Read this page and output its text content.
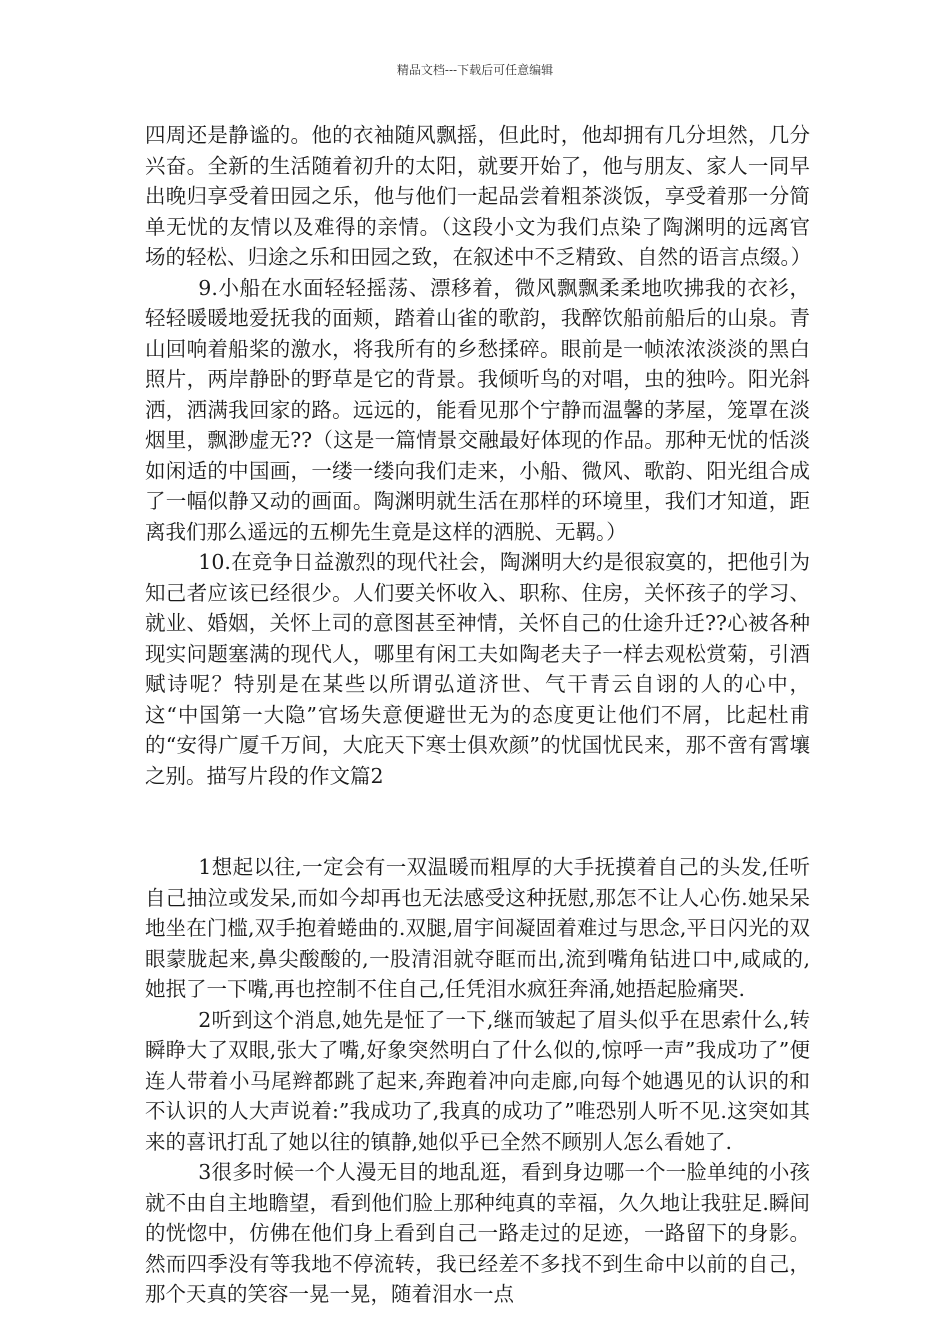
精品文档---下载后可任意编辑

四周还是静谧的。他的衣袖随风飘摇，但此时，他却拥有几分坦然，几分兴奋。全新的生活随着初升的太阳，就要开始了，他与朋友、家人一同早出晚归享受着田园之乐，他与他们一起品尝着粗茶淡饭，享受着那一分简单无忧的友情以及难得的亲情。（这段小文为我们点染了陶渊明的远离官场的轻松、归途之乐和田园之致，在叙述中不乏精致、自然的语言点缀。）

9.小船在水面轻轻摇荡、漂移着，微风飘飘柔柔地吹拂我的衣衫，轻轻暖暖地爱抚我的面颊，踏着山雀的歌韵，我醉饮船前船后的山泉。青山回响着船桨的激水，将我所有的乡愁揉碎。眼前是一帧浓浓淡淡的黑白照片，两岸静卧的野草是它的背景。我倾听鸟的对唱，虫的独吟。阳光斜洒，洒满我回家的路。远远的，能看见那个宁静而温馨的茅屋，笼罩在淡烟里，飘渺虚无??（这是一篇情景交融最好体现的作品。那种无忧的恬淡如闲适的中国画，一缕一缕向我们走来，小船、微风、歌韵、阳光组合成了一幅似静又动的画面。陶渊明就生活在那样的环境里，我们才知道，距离我们那么遥远的五柳先生竟是这样的洒脱、无羁。）

10.在竞争日益激烈的现代社会，陶渊明大约是很寂寞的，把他引为知己者应该已经很少。人们要关怀收入、职称、住房，关怀孩子的学习、就业、婚姻，关怀上司的意图甚至神情，关怀自己的仕途升迁??心被各种现实问题塞满的现代人，哪里有闲工夫如陶老夫子一样去观松赏菊，引酒赋诗呢？特别是在某些以所谓弘道济世、气干青云自诩的人的心中，这“中国第一大隐”官场失意便避世无为的态度更让他们不屑，比起杜甫的“安得广厦千万间，大庇天下寒士俱欢颜”的忧国忧民来，那不啻有霄壤之别。描写片段的作文篇2

1想起以往,一定会有一双温暖而粗厚的大手抚摸着自己的头发,任听自己抽泣或发呆,而如今却再也无法感受这种抚慰,那怎不让人心伤.她呆呆地坐在门槛,双手抱着蜷曲的.双腿,眉宇间凝固着难过与思念,平日闪光的双眼蒙胧起来,鼻尖酸酸的,一股清泪就夺眶而出,流到嘴角钻进口中,咸咸的,她抿了一下嘴,再也控制不住自己,任凭泪水疯狂奔涌,她捂起脸痛哭.

2听到这个消息,她先是怔了一下,继而皱起了眉头似乎在思索什么,转瞬睁大了双眼,张大了嘴,好象突然明白了什么似的,惊呼一声”我成功了”便连人带着小马尾辫都跳了起来,奔跑着冲向走廊,向每个她遇见的认识的和不认识的人大声说着:”我成功了,我真的成功了”唯恐别人听不见.这突如其来的喜讯打乱了她以往的镇静,她似乎已全然不顾别人怎么看她了.

3很多时候一个人漫无目的地乱逛，看到身边哪一个一脸单纯的小孩就不由自主地瞻望，看到他们脸上那种纯真的幸福，久久地让我驻足.瞬间的恍惚中，仿佛在他们身上看到自己一路走过的足迹，一路留下的身影。然而四季没有等我地不停流转，我已经差不多找不到生命中以前的自己，那个天真的笑容一晃一晃，随着泪水一点
